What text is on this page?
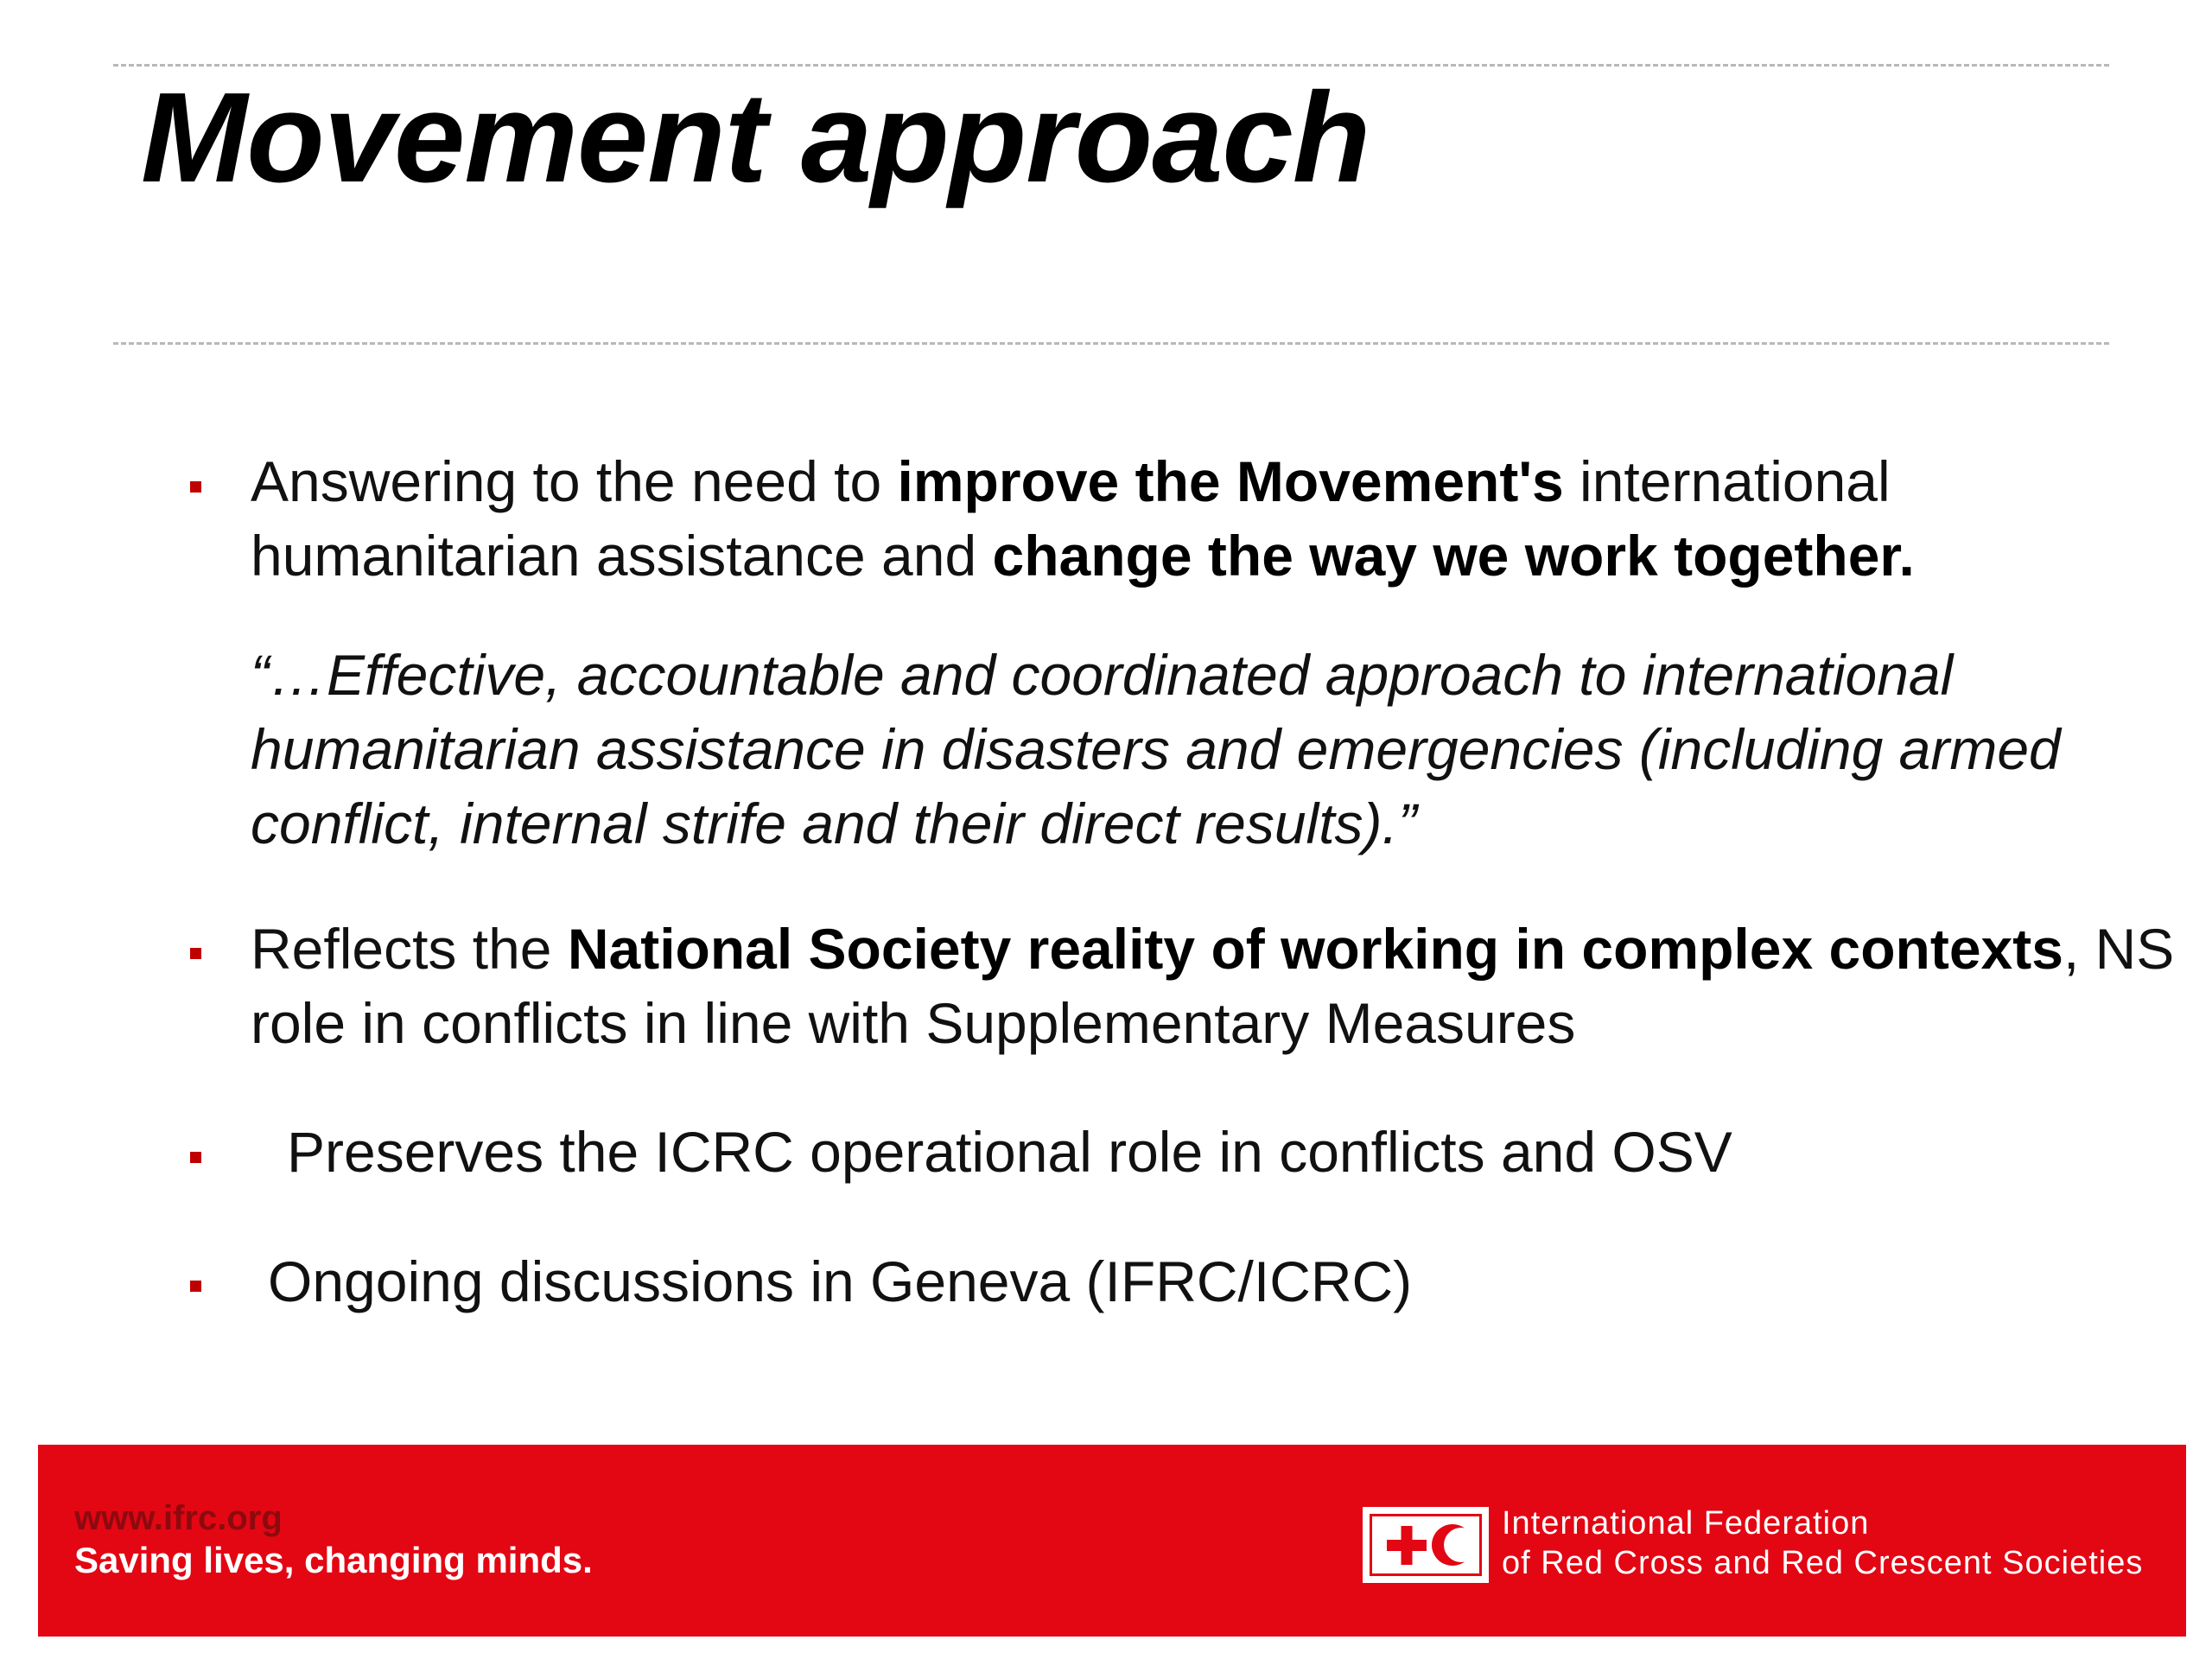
Movement approach
Answering to the need to improve the Movement's international humanitarian assistance and change the way we work together.
“…Effective, accountable and coordinated approach to international humanitarian assistance in disasters and emergencies (including armed conflict, internal strife and their direct results).”
Reflects the National Society reality of working in complex contexts, NS role in conflicts in line with Supplementary Measures
Preserves the ICRC operational role in conflicts and OSV
Ongoing discussions in Geneva (IFRC/ICRC)
www.ifrc.org
Saving lives, changing minds.
International Federation
of Red Cross and Red Crescent Societies
